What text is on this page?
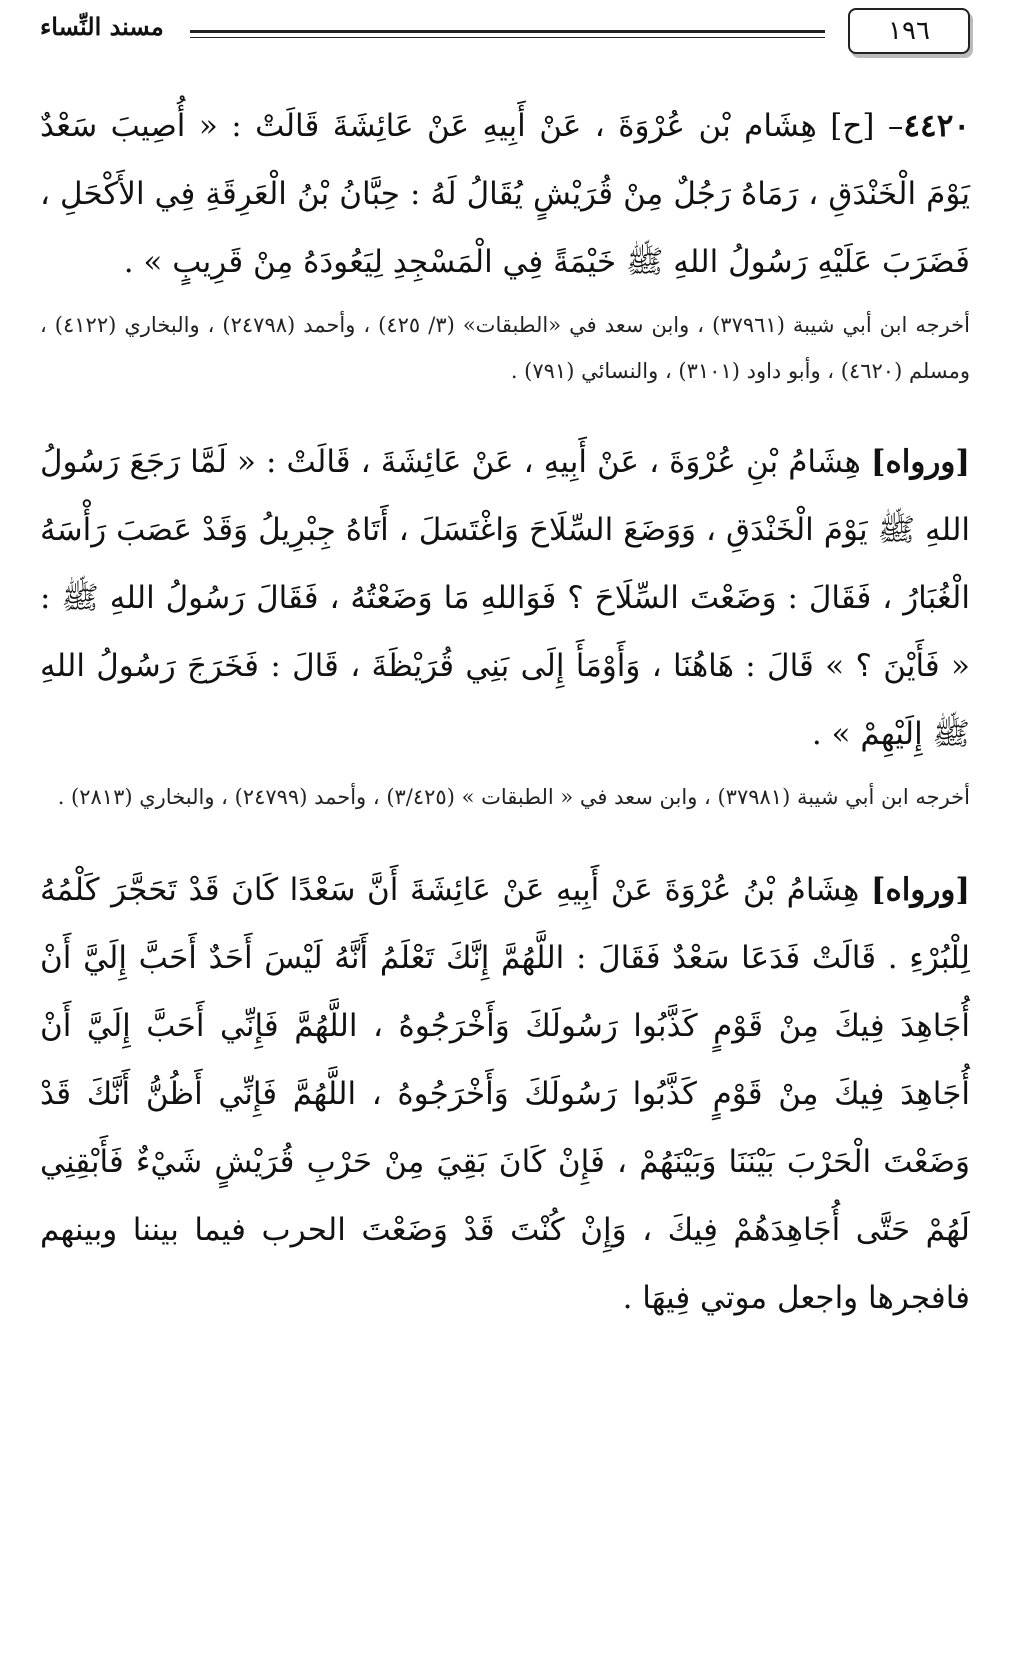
١٩٦
مسند النِّساء

٤٤٢٠– [ح] هِشَام بْن عُرْوَةَ ، عَنْ أَبِيهِ عَنْ عَائِشَةَ قَالَتْ : « أُصِيبَ سَعْدٌ يَوْمَ الْخَنْدَقِ ، رَمَاهُ رَجُلٌ مِنْ قُرَيْشٍ يُقَالُ لَهُ : حِبَّانُ بْنُ الْعَرِقَةِ فِي الأَكْحَلِ ، فَضَرَبَ عَلَيْهِ رَسُولُ اللهِ ﷺ خَيْمَةً فِي الْمَسْجِدِ لِيَعُودَهُ مِنْ قَرِيبٍ » .

أخرجه ابن أبي شيبة (٣٧٩٦١) ، وابن سعد في «الطبقات» (٣/ ٤٢٥) ، وأحمد (٢٤٧٩٨) ، والبخاري (٤١٢٢) ، ومسلم (٤٦٢٠) ، وأبو داود (٣١٠١) ، والنسائي (٧٩١) .

[ورواه] هِشَامُ بْنِ عُرْوَةَ ، عَنْ أَبِيهِ ، عَنْ عَائِشَةَ ، قَالَتْ : « لَمَّا رَجَعَ رَسُولُ اللهِ ﷺ يَوْمَ الْخَنْدَقِ ، وَوَضَعَ السِّلَاحَ وَاغْتَسَلَ ، أَتَاهُ جِبْرِيلُ وَقَدْ عَصَبَ رَأْسَهُ الْغُبَارُ ، فَقَالَ : وَضَعْتَ السِّلَاحَ ؟ فَوَاللهِ مَا وَضَعْتُهُ ، فَقَالَ رَسُولُ اللهِ ﷺ : « فَأَيْنَ ؟ » قَالَ : هَاهُنَا ، وَأَوْمَأَ إِلَى بَنِي قُرَيْظَةَ ، قَالَ : فَخَرَجَ رَسُولُ اللهِ ﷺ إِلَيْهِمْ » .

أخرجه ابن أبي شيبة (٣٧٩٨١) ، وابن سعد في « الطبقات » (٣/٤٢٥) ، وأحمد (٢٤٧٩٩) ، والبخاري (٢٨١٣) .

[ورواه] هِشَامُ بْنُ عُرْوَةَ عَنْ أَبِيهِ عَنْ عَائِشَةَ أَنَّ سَعْدًا كَانَ قَدْ تَحَجَّرَ كَلْمُهُ لِلْبُرْءِ . قَالَتْ فَدَعَا سَعْدٌ فَقَالَ : اللَّهُمَّ إِنَّكَ تَعْلَمُ أَنَّهُ لَيْسَ أَحَدٌ أَحَبَّ إِلَيَّ أَنْ أُجَاهِدَ فِيكَ مِنْ قَوْمٍ كَذَّبُوا رَسُولَكَ وَأَخْرَجُوهُ ، اللَّهُمَّ فَإِنِّي أَحَبَّ إِلَيَّ أَنْ أُجَاهِدَ فِيكَ مِنْ قَوْمٍ كَذَّبُوا رَسُولَكَ وَأَخْرَجُوهُ ، اللَّهُمَّ فَإِنِّي أَظُنُّ أَنَّكَ قَدْ وَضَعْتَ الْحَرْبَ بَيْنَنَا وَبَيْنَهُمْ ، فَإِنْ كَانَ بَقِيَ مِنْ حَرْبِ قُرَيْشٍ شَيْءٌ فَأَبْقِنِي لَهُمْ حَتَّى أُجَاهِدَهُمْ فِيكَ ، وَإِنْ كُنْتَ قَدْ وَضَعْتَ الحرب فيما بيننا وبينهم فافجرها واجعل موتي فِيهَا .
